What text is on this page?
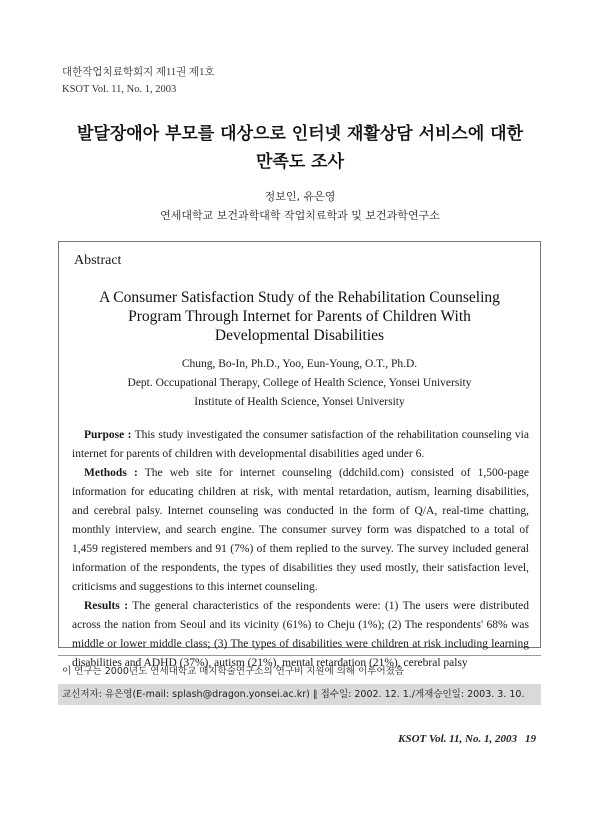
대한작업치료학회지 제11권 제1호
KSOT Vol. 11, No. 1, 2003
발달장애아 부모를 대상으로 인터넷 재활상담 서비스에 대한
만족도 조사
정보인, 유은영
연세대학교 보건과학대학 작업치료학과 및 보건과학연구소
Abstract
A Consumer Satisfaction Study of the Rehabilitation Counseling
Program Through Internet for Parents of Children With
Developmental Disabilities
Chung, Bo-In, Ph.D., Yoo, Eun-Young, O.T., Ph.D.
Dept. Occupational Therapy, College of Health Science, Yonsei University
Institute of Health Science, Yonsei University

Purpose : This study investigated the consumer satisfaction of the rehabilitation counseling via internet for parents of children with developmental disabilities aged under 6.

Methods : The web site for internet counseling (ddchild.com) consisted of 1,500-page information for educating children at risk, with mental retardation, autism, learning disabilities, and cerebral palsy. Internet counseling was conducted in the form of Q/A, real-time chatting, monthly interview, and search engine. The consumer survey form was dispatched to a total of 1,459 registered members and 91 (7%) of them replied to the survey. The survey included general information of the respondents, the types of disabilities they used mostly, their satisfaction level, criticisms and suggestions to this internet counseling.

Results : The general characteristics of the respondents were: (1) The users were distributed across the nation from Seoul and its vicinity (61%) to Cheju (1%); (2) The respondents' 68% was middle or lower middle class; (3) The types of disabilities were children at risk including learning disabilities and ADHD (37%), autism (21%), mental retardation (21%), cerebral palsy

이 연구는 2000년도 연세대학교 매지학술연구소의 연구비 지원에 의해 이루어졌음
교신저자: 유은영(E-mail: splash@dragon.yonsei.ac.kr) ∥ 접수일: 2002. 12. 1./게재승인일: 2003. 3. 10.
KSOT Vol. 11, No. 1, 2003 19
